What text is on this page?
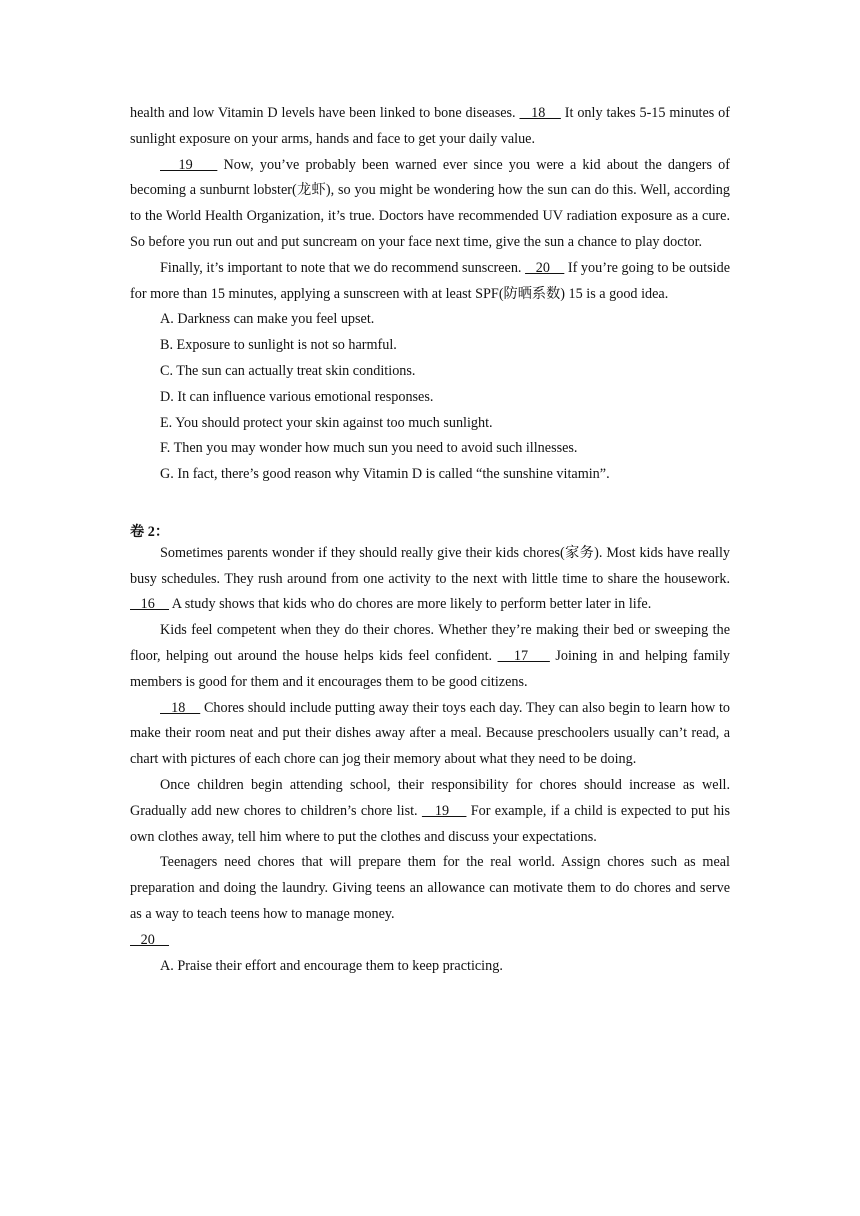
health and low Vitamin D levels have been linked to bone diseases.    18     It only takes 5-15 minutes of sunlight exposure on your arms, hands and face to get your daily value.

19     Now, you’ve probably been warned ever since you were a kid about the dangers of becoming a sunburnt lobster(龙虾), so you might be wondering how the sun can do this. Well, according to the World Health Organization, it’s true. Doctors have recommended UV radiation exposure as a cure. So before you run out and put suncream on your face next time, give the sun a chance to play doctor.

Finally, it’s important to note that we do recommend sunscreen.    20     If you’re going to be outside for more than 15 minutes, applying a sunscreen with at least SPF(防晒系数) 15 is a good idea.

A. Darkness can make you feel upset.

B. Exposure to sunlight is not so harmful.

C. The sun can actually treat skin conditions.

D. It can influence various emotional responses.

E. You should protect your skin against too much sunlight.

F. Then you may wonder how much sun you need to avoid such illnesses.

G. In fact, there’s good reason why Vitamin D is called “the sunshine vitamin”.

卷 2：

Sometimes parents wonder if they should really give their kids chores(家务). Most kids have really busy schedules. They rush around from one activity to the next with little time to share the housework.    16     A study shows that kids who do chores are more likely to perform better later in life.

Kids feel competent when they do their chores. Whether they’re making their bed or sweeping the floor, helping out around the house helps kids feel confident.    17     Joining in and helping family members is good for them and it encourages them to be good citizens.

18     Chores should include putting away their toys each day. They can also begin to learn how to make their room neat and put their dishes away after a meal. Because preschoolers usually can’t read, a chart with pictures of each chore can jog their memory about what they need to be doing.

Once children begin attending school, their responsibility for chores should increase as well. Gradually add new chores to children’s chore list.    19     For example, if a child is expected to put his own clothes away, tell him where to put the clothes and discuss your expectations.

Teenagers need chores that will prepare them for the real world. Assign chores such as meal preparation and doing the laundry. Giving teens an allowance can motivate them to do chores and serve as a way to teach teens how to manage money.

20

A. Praise their effort and encourage them to keep practicing.
